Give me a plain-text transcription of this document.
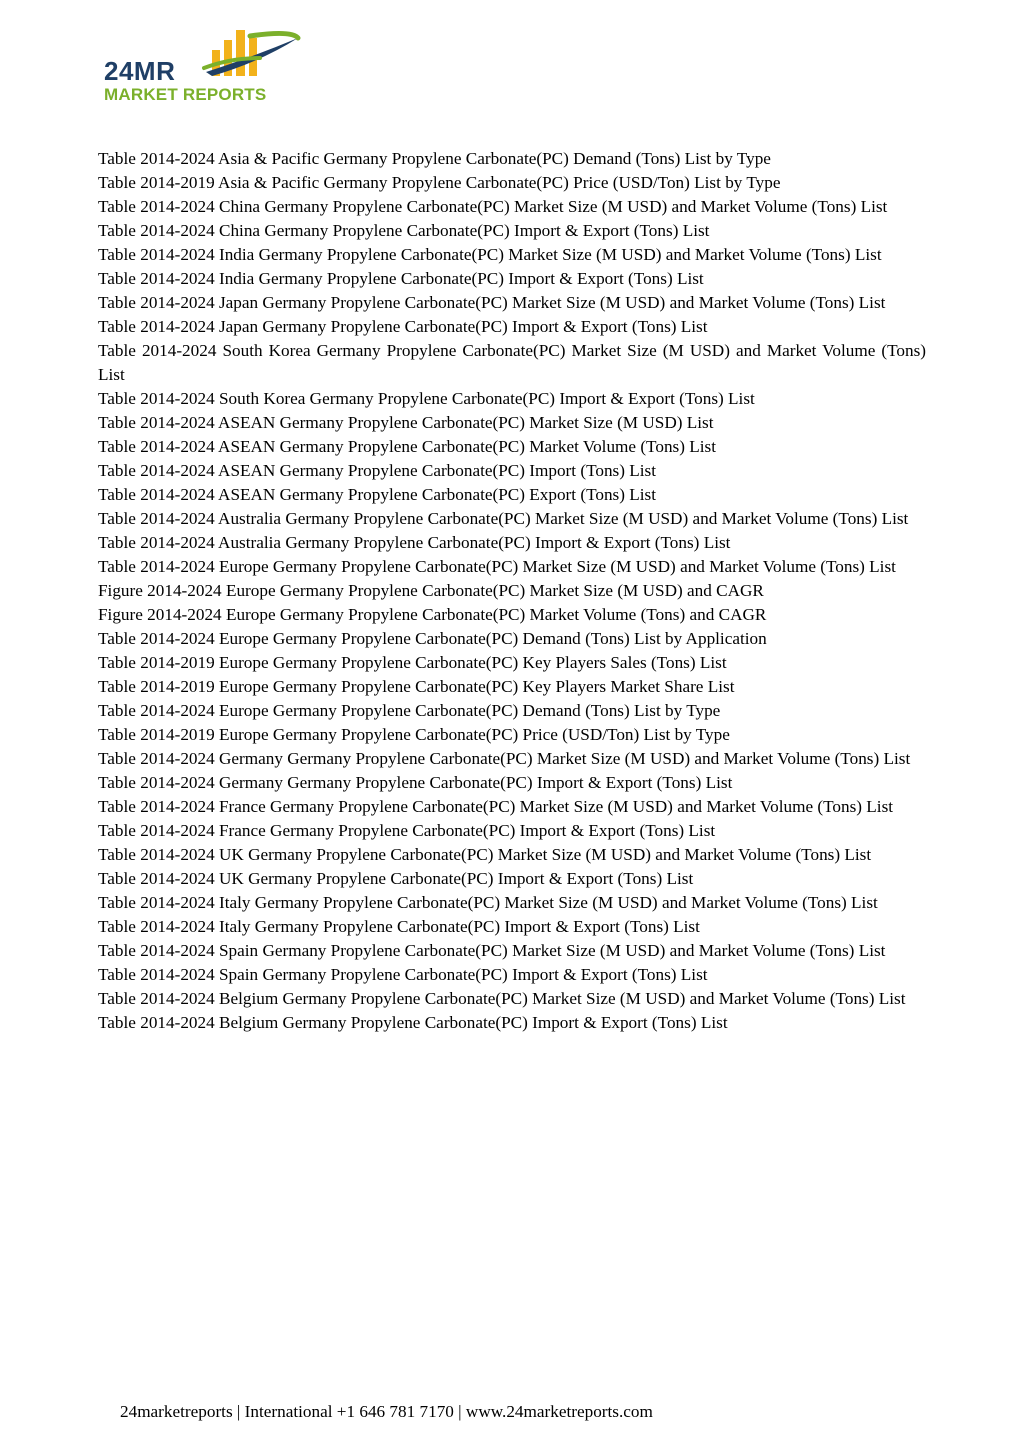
24MR
MARKET REPORTS

Table 2014-2024 Asia & Pacific Germany Propylene Carbonate(PC) Demand (Tons) List by Type

Table 2014-2019 Asia & Pacific Germany Propylene Carbonate(PC) Price (USD/Ton) List by Type

Table 2014-2024 China Germany Propylene Carbonate(PC) Market Size (M USD) and Market Volume (Tons) List

Table 2014-2024 China Germany Propylene Carbonate(PC) Import & Export (Tons) List

Table 2014-2024 India Germany Propylene Carbonate(PC) Market Size (M USD) and Market Volume (Tons) List

Table 2014-2024 India Germany Propylene Carbonate(PC) Import & Export (Tons) List

Table 2014-2024 Japan Germany Propylene Carbonate(PC) Market Size (M USD) and Market Volume (Tons) List

Table 2014-2024 Japan Germany Propylene Carbonate(PC) Import & Export (Tons) List

Table 2014-2024 South Korea Germany Propylene Carbonate(PC) Market Size (M USD) and Market Volume (Tons) List

Table 2014-2024 South Korea Germany Propylene Carbonate(PC) Import & Export (Tons) List

Table 2014-2024 ASEAN Germany Propylene Carbonate(PC) Market Size (M USD) List

Table 2014-2024 ASEAN Germany Propylene Carbonate(PC) Market Volume (Tons) List

Table 2014-2024 ASEAN Germany Propylene Carbonate(PC) Import (Tons) List

Table 2014-2024 ASEAN Germany Propylene Carbonate(PC) Export (Tons) List

Table 2014-2024 Australia Germany Propylene Carbonate(PC) Market Size (M USD) and Market Volume (Tons) List

Table 2014-2024 Australia Germany Propylene Carbonate(PC) Import & Export (Tons) List

Table 2014-2024 Europe Germany Propylene Carbonate(PC) Market Size (M USD) and Market Volume (Tons) List

Figure 2014-2024 Europe Germany Propylene Carbonate(PC) Market Size (M USD) and CAGR

Figure 2014-2024 Europe Germany Propylene Carbonate(PC) Market Volume (Tons) and CAGR

Table 2014-2024 Europe Germany Propylene Carbonate(PC) Demand (Tons) List by Application

Table 2014-2019 Europe Germany Propylene Carbonate(PC) Key Players Sales (Tons) List

Table 2014-2019 Europe Germany Propylene Carbonate(PC) Key Players Market Share List

Table 2014-2024 Europe Germany Propylene Carbonate(PC) Demand (Tons) List by Type

Table 2014-2019 Europe Germany Propylene Carbonate(PC) Price (USD/Ton) List by Type

Table 2014-2024 Germany Germany Propylene Carbonate(PC) Market Size (M USD) and Market Volume (Tons) List

Table 2014-2024 Germany Germany Propylene Carbonate(PC) Import & Export (Tons) List

Table 2014-2024 France Germany Propylene Carbonate(PC) Market Size (M USD) and Market Volume (Tons) List

Table 2014-2024 France Germany Propylene Carbonate(PC) Import & Export (Tons) List

Table 2014-2024 UK Germany Propylene Carbonate(PC) Market Size (M USD) and Market Volume (Tons) List

Table 2014-2024 UK Germany Propylene Carbonate(PC) Import & Export (Tons) List

Table 2014-2024 Italy Germany Propylene Carbonate(PC) Market Size (M USD) and Market Volume (Tons) List

Table 2014-2024 Italy Germany Propylene Carbonate(PC) Import & Export (Tons) List

Table 2014-2024 Spain Germany Propylene Carbonate(PC) Market Size (M USD) and Market Volume (Tons) List

Table 2014-2024 Spain Germany Propylene Carbonate(PC) Import & Export (Tons) List

Table 2014-2024 Belgium Germany Propylene Carbonate(PC) Market Size (M USD) and Market Volume (Tons) List

Table 2014-2024 Belgium Germany Propylene Carbonate(PC) Import & Export (Tons) List

24marketreports | International +1 646 781 7170 | www.24marketreports.com
